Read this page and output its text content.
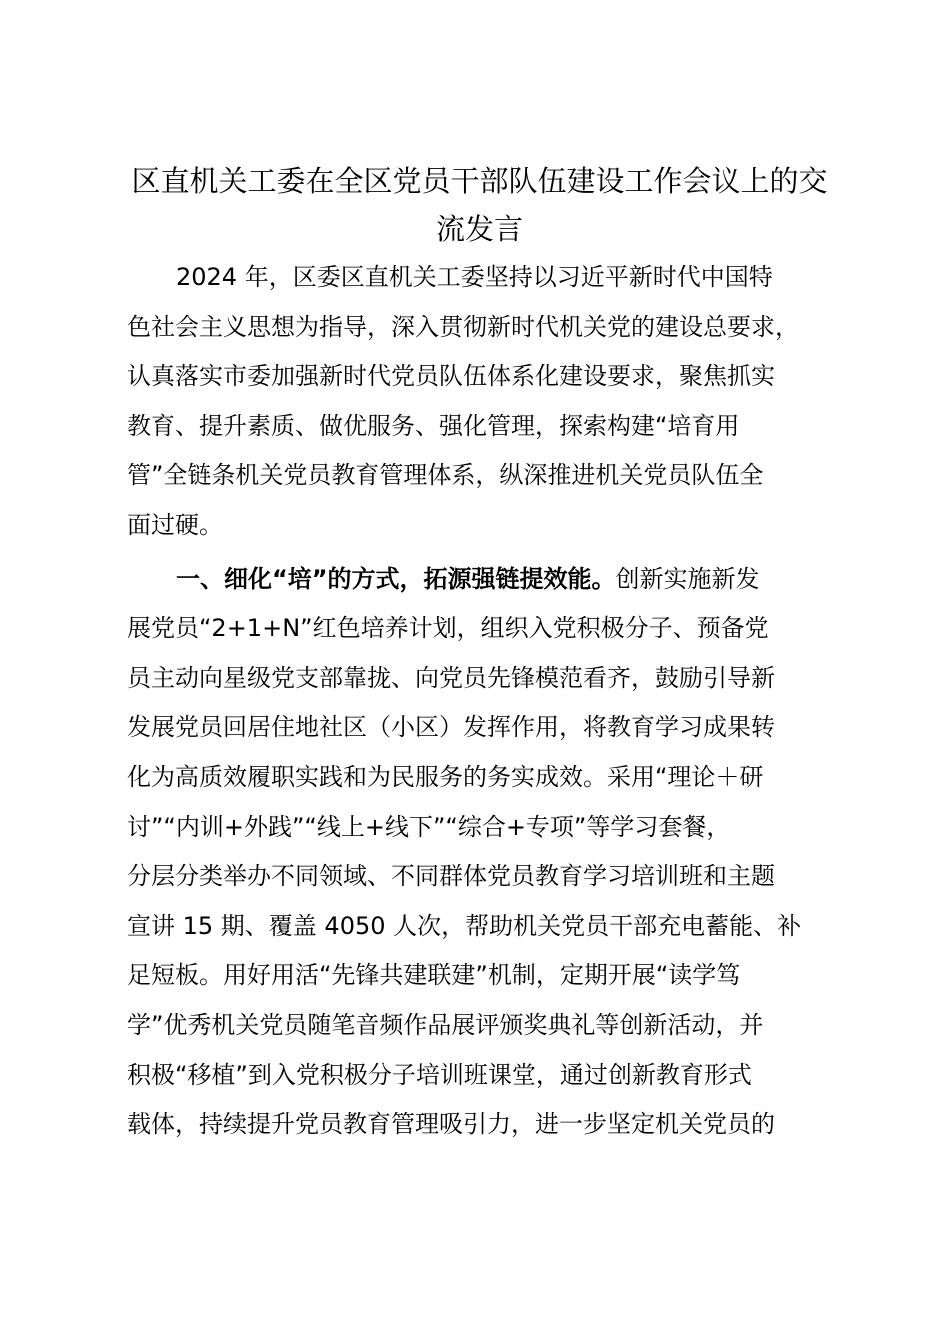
区直机关工委在全区党员干部队伍建设工作会议上的交
流发言
2024 年，区委区直机关工委坚持以习近平新时代中国特
色社会主义思想为指导，深入贯彻新时代机关党的建设总要求，
认真落实市委加强新时代党员队伍体系化建设要求，聚焦抓实
教育、提升素质、做优服务、强化管理，探索构建“培育用
管”全链条机关党员教育管理体系，纵深推进机关党员队伍全
面过硬。
一、细化“培”的方式，拓源强链提效能。创新实施新发
展党员“2+1+N”红色培养计划，组织入党积极分子、预备党
员主动向星级党支部靠拢、向党员先锋模范看齐，鼓励引导新
发展党员回居住地社区（小区）发挥作用，将教育学习成果转
化为高质效履职实践和为民服务的务实成效。采用“理论＋研
讨”“内训+外践”“线上+线下”“综合+专项”等学习套餐，
分层分类举办不同领域、不同群体党员教育学习培训班和主题
宣讲 15 期、覆盖 4050 人次，帮助机关党员干部充电蓄能、补
足短板。用好用活“先锋共建联建”机制，定期开展“读学笃
学”优秀机关党员随笔音频作品展评颁奖典礼等创新活动，并
积极“移植”到入党积极分子培训班课堂，通过创新教育形式
载体，持续提升党员教育管理吸引力，进一步坚定机关党员的
